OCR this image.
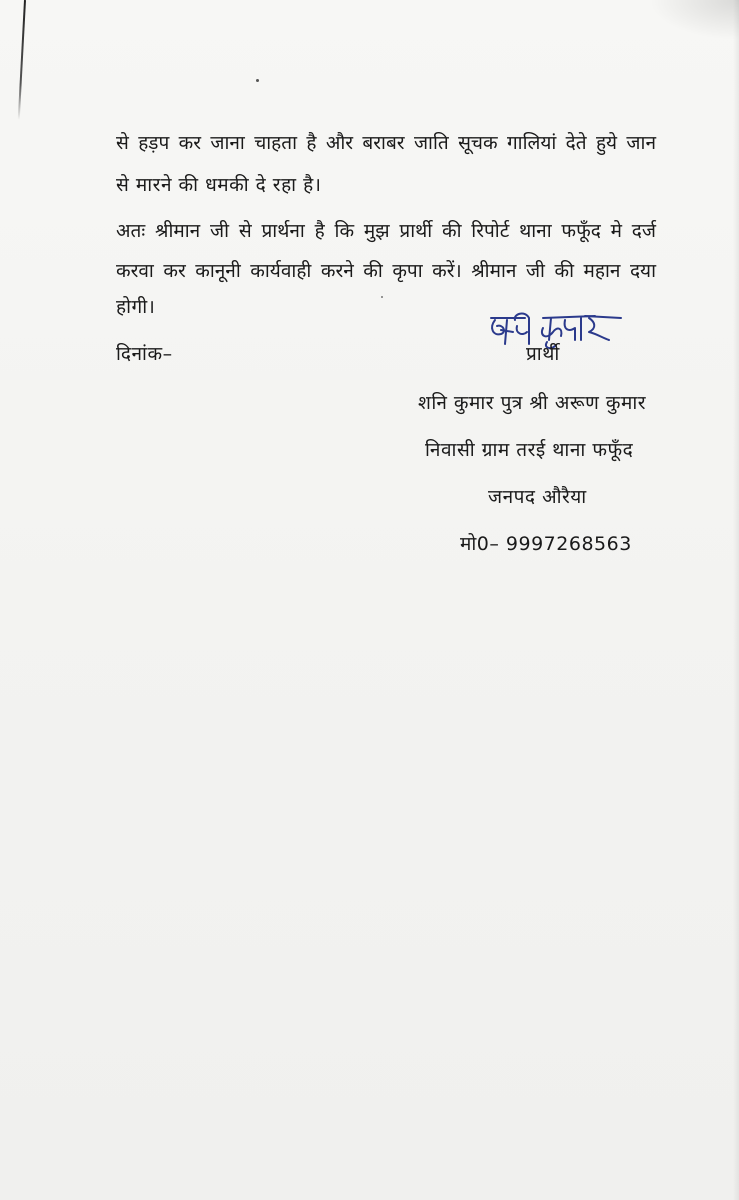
से हड़प कर जाना चाहता है और बराबर जाति सूचक गालियां देते हुये जान
से मारने की धमकी दे रहा है।
अतः श्रीमान जी से प्रार्थना है कि मुझ प्रार्थी की रिपोर्ट थाना फफूँद मे दर्ज
करवा कर कानूनी कार्यवाही करने की कृपा करें। श्रीमान जी की महान दया
होगी।
दिनांक–	प्रार्थी
शनि कुमार पुत्र श्री अरूण कुमार
निवासी ग्राम तरई थाना फफूँद
जनपद औरैया
मो0– 9997268563
